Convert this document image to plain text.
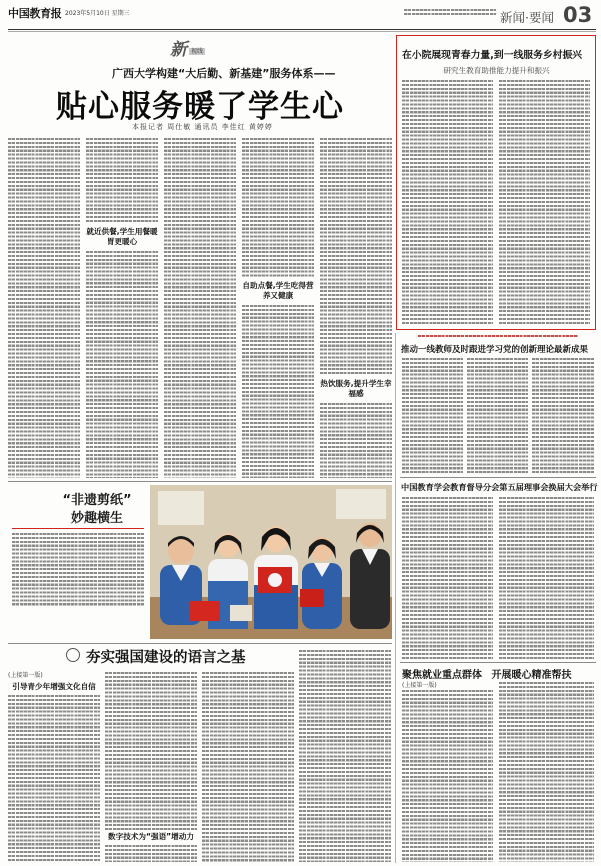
中国教育报 2023年5月10日 星期三	新闻·要闻 03
新 视线
广西大学构建“大后勤、新基建”服务体系——
贴心服务暖了学生心
本报记者 周仕敏 通讯员 李佳红 黄婷婷
就近供餐,学生用餐暖胃更暖心
自助点餐,学生吃得营养又健康
热饮服务,提升学生幸福感
在小院展现青春力量,到一线服务乡村振兴
研究生教育助推能力提升和振兴
推动一线教师及时跟进学习党的创新理论最新成果
中国教育学会教育督导分会第五届理事会换届大会举行
聚焦就业重点群体 开展暖心精准帮扶
(上接第一版)
“非遗剪纸”
妙趣横生
夯实强国建设的语言之基
(上接第一版)
引导青少年增强文化自信
数字技术为“强语”增动力
